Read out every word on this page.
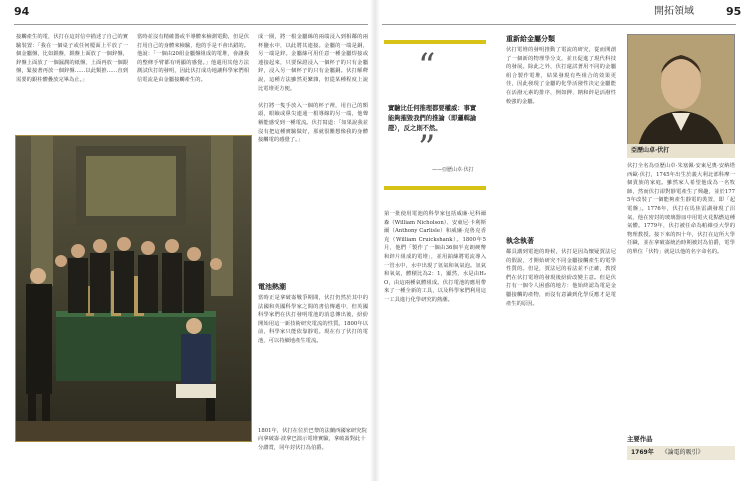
94	開拓領域	95
接觸產生的電，伏打在這封信中描述了自己的實驗裝置：「我在一個桌子或任何檯面上平放了一個金屬盤，比如銀盤，銀盤上面放了一個鋅盤，鋅盤上面放了一個濕潤的紙盤，上面再放一個銀盤，緊接著再放一個鋅盤……以此類推……直到需要的銀柱體疊放完畢為止。」
當時並沒有精確器或半導體來檢測電動，但是伏打用自己的身體來檢驗，他的手是不會出錯的。他說：「一個由20組金屬盤組成的電堆，會讓我的整條手臂都有明顯的感覺。」他還用其他方法測試伏打的發明，因此伏打成功地讓科學家們相信電流是由金屬接觸產生的。
成一圈，將一根金屬絲的兩端浸入到相鄰的兩杯鹽水中，以此將其連接。金屬的一端是銅，另一端是鋅。金屬絲可用任意一種金屬焊接或連接起來，只要保證浸入一個杯子的只有金屬鋅，浸入另一個杯子的只有金屬銅。伏打解釋說，這種方法雖然更繁雜，但從某種程度上說比電堆更方便。

伏打將一隻手放入一個的杯子裡，用自己的額頭，眼瞼或鼻尖連通一根導線的另一端，他聲稱能感受到一種電流。伏打寫道：「如果說我並沒有把這種實驗做好，那就很難想像我的身體接觸電的感覺了。」
電池熱潮
當時正是拿破崙戰爭期間，伏打仍然於其中的法國和英國科學家之間的書信傳遞中，但英國科學家們在伏打發明電池的消息傳出後，紛紛開始用這一新技術研究電流的性質。1800年以前，科學家只能依靠靜電。現在有了伏打的電池，可以持續地產生電流。
1801年，伏打在位於巴黎的法蘭西國家研究院向拿破崙·波拿巴演示電堆實驗，拿破崙對此十分讚賞，同年封伏打為伯爵。
“
實驗比任何推理都要權威：事實能夠摧毀我們的推論（即邏輯論證），反之則不然。
——亞歷山卓·伏打
”
第一批使用電池的科學家包括威廉·尼科爾森（William Nicholson）、安東尼·卡利斯爾（Anthony Carlisle）和威廉·克魯克香克（William Cruickshank）。1800年5月，他們「製作了一個由36個半克朗硬幣和鋅片組成的電堆」，並用鉑絲將電流導入一管水中，水中出現了氫氣和氧氣泡。氫氣和氧氣，體積比為2：1，顯然，水是由H₂O，由這兩種氣體組成。伏打電池的應用帶來了一種全新的工具，以及科學家們利用這一工具進行化學研究的熱潮。
重新給金屬分類
伏打電堆的發明推動了電流的研究，從而開創了一個新的物理學分支，並且促進了現代科技的發展。除此之外，伏打還試著用不同的金屬組合製作電堆，結果發現有些組合的效果更佳，因此發現了金屬的化學活潑性決定金屬能在活潑元素的排序，例如鉀、鈉和鋅是活潑性較強的金屬。
執念執著
鄰具講到電池的時候，伏打是因為懷疑賈法尼的假說，才開始研究不同金屬接觸產生的電學性質的。但是，賈法尼的看法並不正確，教授們在伏打電堆的發現後紛紛改變主意。但是伏打有一個令人困惑的地方：他始終認為電是金屬接觸的產物，而沒有意識到化學反應才是電產生的原因。
亞歷山卓·伏打
伏打全名為亞歷山卓·朱塞佩·安東尼奧·安納塔西歐·伏打，1745年出生於義大利北部科摩一個貴族的家庭。雖然家人希望他成為一名牧師，然而伏打卻對靜電產生了興趣，並於1775年改裝了一個能夠產生靜電的裝置，即「起電盤」。1776年，伏打在馬焦雷湖發現了沼氣，他在密封的玻璃器皿中用電火花點燃這種氣體。1779年，伏打被任命為帕維亞大學的物理教授。接下來的四十年，伏打在這所大學任職，並在拿破崙統治時期被封為伯爵，電學的單位「伏特」就是以他的名字命名的。
主要作品
1769年 《論電的吸引》
